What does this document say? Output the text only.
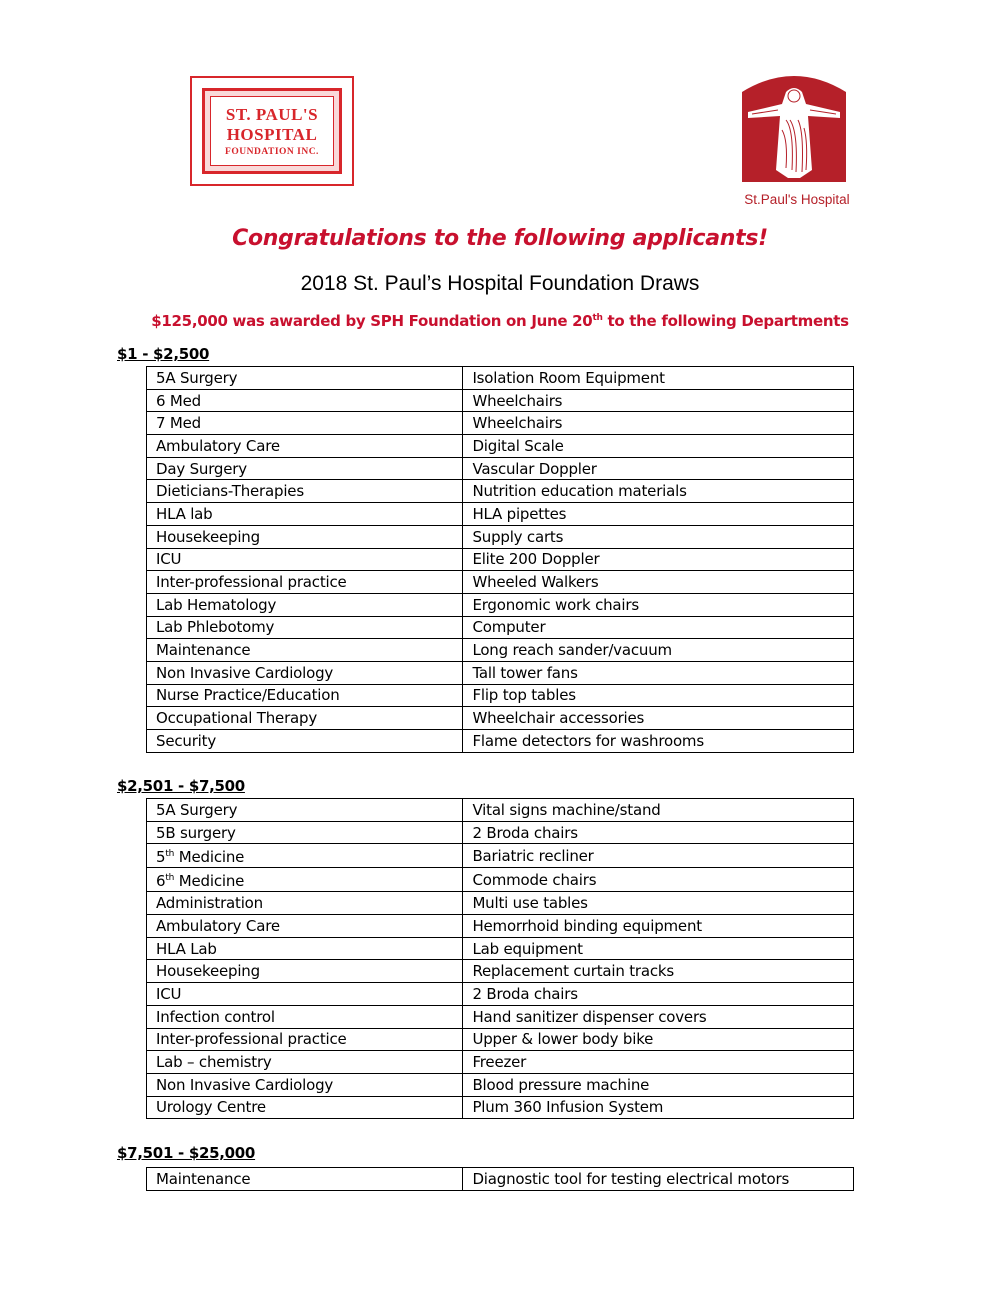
ST. PAUL'S
HOSPITAL
FOUNDATION INC.
St.Paul's Hospital
Congratulations to the following applicants!
2018 St. Paul’s Hospital Foundation Draws
$125,000 was awarded by SPH Foundation on June 20th to the following Departments
$1 - $2,500
5A Surgery	Isolation Room Equipment
6 Med	Wheelchairs
7 Med	Wheelchairs
Ambulatory Care	Digital Scale
Day Surgery	Vascular Doppler
Dieticians-Therapies	Nutrition education materials
HLA lab	HLA pipettes
Housekeeping	Supply carts
ICU	Elite 200 Doppler
Inter-professional practice	Wheeled Walkers
Lab Hematology	Ergonomic work chairs
Lab Phlebotomy	Computer
Maintenance	Long reach sander/vacuum
Non Invasive Cardiology	Tall tower fans
Nurse Practice/Education	Flip top tables
Occupational Therapy	Wheelchair accessories
Security	Flame detectors for washrooms
$2,501 - $7,500
5A Surgery	Vital signs machine/stand
5B surgery	2 Broda chairs
5th Medicine	Bariatric recliner
6th Medicine	Commode chairs
Administration	Multi use tables
Ambulatory Care	Hemorrhoid binding equipment
HLA Lab	Lab equipment
Housekeeping	Replacement curtain tracks
ICU	2 Broda chairs
Infection control	Hand sanitizer dispenser covers
Inter-professional practice	Upper & lower body bike
Lab – chemistry	Freezer
Non Invasive Cardiology	Blood pressure machine
Urology Centre	Plum 360 Infusion System
$7,501 - $25,000
Maintenance	Diagnostic tool for testing electrical motors
